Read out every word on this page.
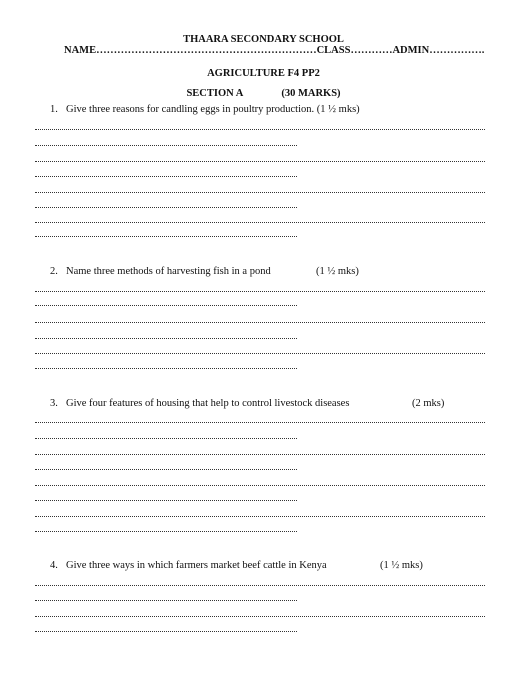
THAARA SECONDARY SCHOOL
NAME………………………………………………………CLASS…………ADMIN…………….
AGRICULTURE F4 PP2
SECTION A	(30 MARKS)
1. Give three reasons for candling eggs in poultry production. (1 ½ mks)
2. Name three methods of harvesting fish in a pond	(1 ½ mks)
3. Give four features of housing that help to control livestock diseases	(2 mks)
4. Give three ways in which farmers market beef cattle in Kenya	(1 ½ mks)
